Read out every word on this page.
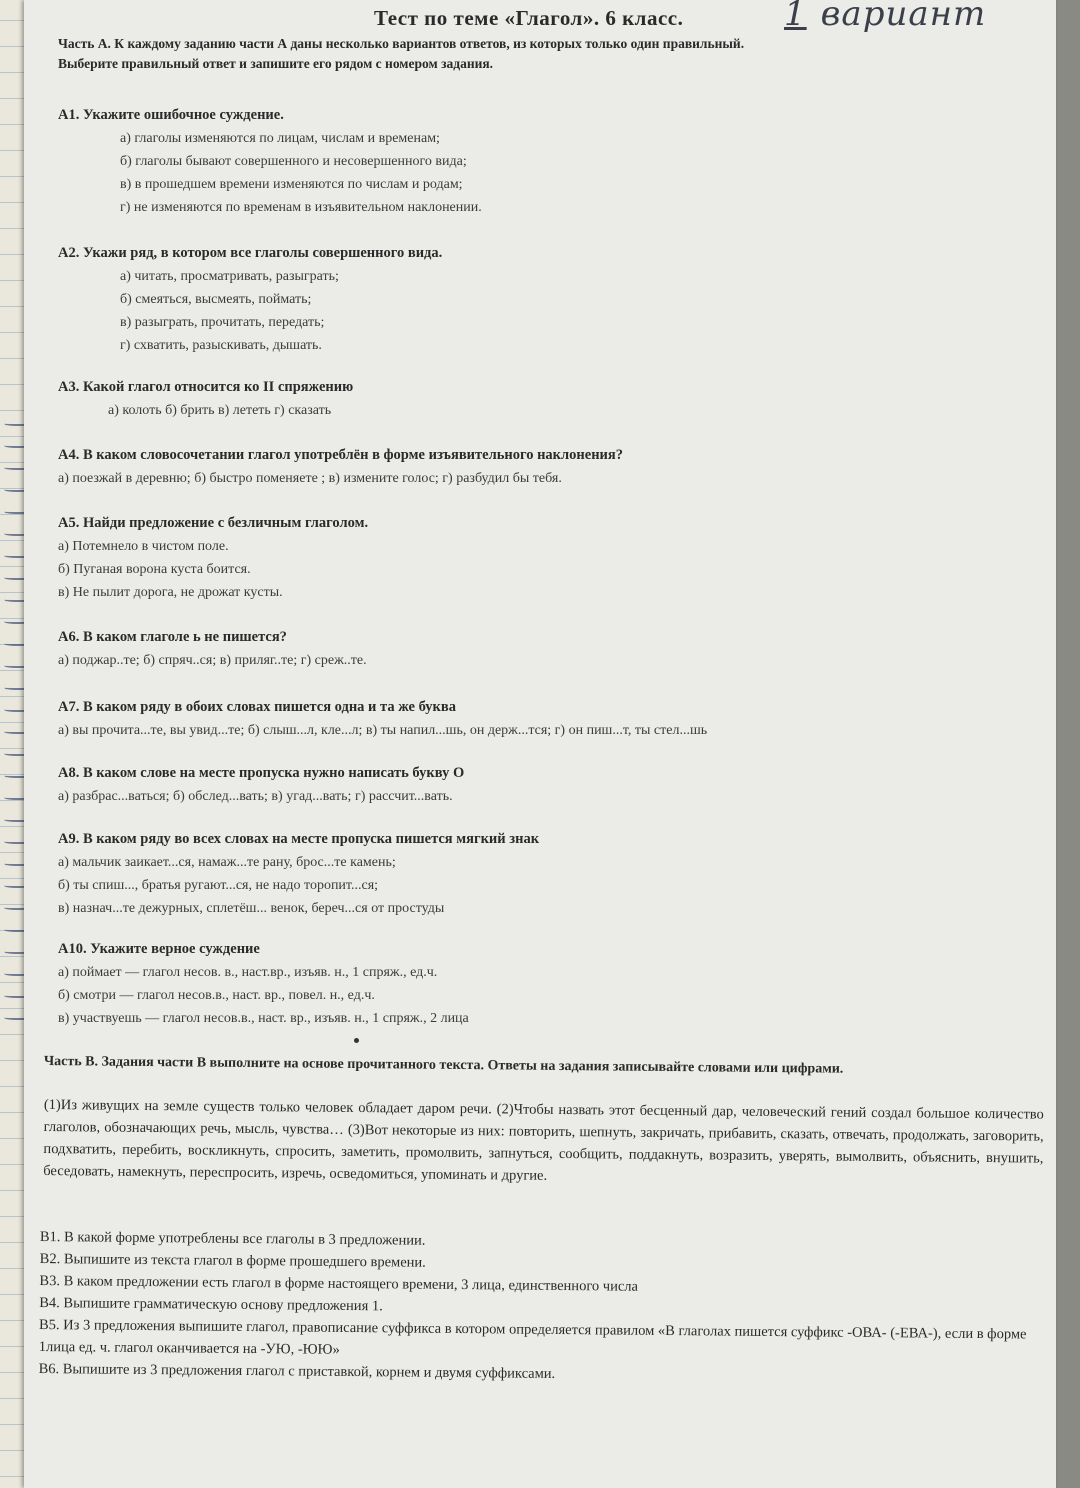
Тест по теме «Глагол». 6 класс.	1 вариант
Часть А. К каждому заданию части А даны несколько вариантов ответов, из которых только один правильный.
Выберите правильный ответ и запишите его рядом с номером задания.
А1. Укажите ошибочное суждение.
а) глаголы изменяются по лицам, числам и временам;
б) глаголы бывают совершенного и несовершенного вида;
в) в прошедшем времени изменяются по числам и родам;
г) не изменяются по временам в изъявительном наклонении.
А2. Укажи ряд, в котором все глаголы совершенного вида.
а) читать, просматривать, разыграть;
б) смеяться, высмеять, поймать;
в) разыграть, прочитать, передать;
г) схватить, разыскивать, дышать.
А3. Какой глагол относится ко II спряжению
а) колоть б) брить в) лететь г) сказать
А4. В каком словосочетании глагол употреблён в форме изъявительного наклонения?
а) поезжай в деревню; б) быстро поменяете ; в) измените голос; г) разбудил бы тебя.
А5. Найди предложение с безличным глаголом.
а) Потемнело в чистом поле.
б) Пуганая ворона куста боится.
в) Не пылит дорога, не дрожат кусты.
А6. В каком глаголе ь не пишется?
а) поджар..те; б) спряч..ся; в) приляг..те; г) среж..те.
А7. В каком ряду в обоих словах пишется одна и та же буква
а) вы прочита...те, вы увид...те; б) слыш...л, кле...л; в) ты напил...шь, он держ...тся; г) он пиш...т, ты стел...шь
А8. В каком слове на месте пропуска нужно написать букву О
а) разбрас...ваться; б) обслед...вать; в) угад...вать; г) рассчит...вать.
А9. В каком ряду во всех словах на месте пропуска пишется мягкий знак
а) мальчик заикает...ся, намаж...те рану, брос...те камень;
б) ты спиш..., братья ругают...ся, не надо торопит...ся;
в) назнач...те дежурных, сплетёш... венок, береч...ся от простуды
А10. Укажите верное суждение
а) поймает — глагол несов. в., наст.вр., изъяв. н., 1 спряж., ед.ч.
б) смотри — глагол несов.в., наст. вр., повел. н., ед.ч.
в) участвуешь — глагол несов.в., наст. вр., изъяв. н., 1 спряж., 2 лица
Часть В. Задания части В выполните на основе прочитанного текста. Ответы на задания записывайте словами или цифрами.
(1)Из живущих на земле существ только человек обладает даром речи. (2)Чтобы назвать этот бесценный дар, человеческий гений создал большое количество глаголов, обозначающих речь, мысль, чувства… (3)Вот некоторые из них: повторить, шепнуть, закричать, прибавить, сказать, отвечать, продолжать, заговорить, подхватить, перебить, воскликнуть, спросить, заметить, промолвить, запнуться, сообщить, поддакнуть, возразить, уверять, вымолвить, объяснить, внушить, беседовать, намекнуть, переспросить, изречь, осведомиться, упоминать и другие.
В1. В какой форме употреблены все глаголы в 3 предложении.
В2. Выпишите из текста глагол в форме прошедшего времени.
В3. В каком предложении есть глагол в форме настоящего времени, 3 лица, единственного числа
В4. Выпишите грамматическую основу предложения 1.
В5. Из 3 предложения выпишите глагол, правописание суффикса в котором определяется правилом «В глаголах пишется суффикс -ОВА- (-ЕВА-), если в форме 1лица ед. ч. глагол оканчивается на -УЮ, -ЮЮ»
В6. Выпишите из 3 предложения глагол с приставкой, корнем и двумя суффиксами.
